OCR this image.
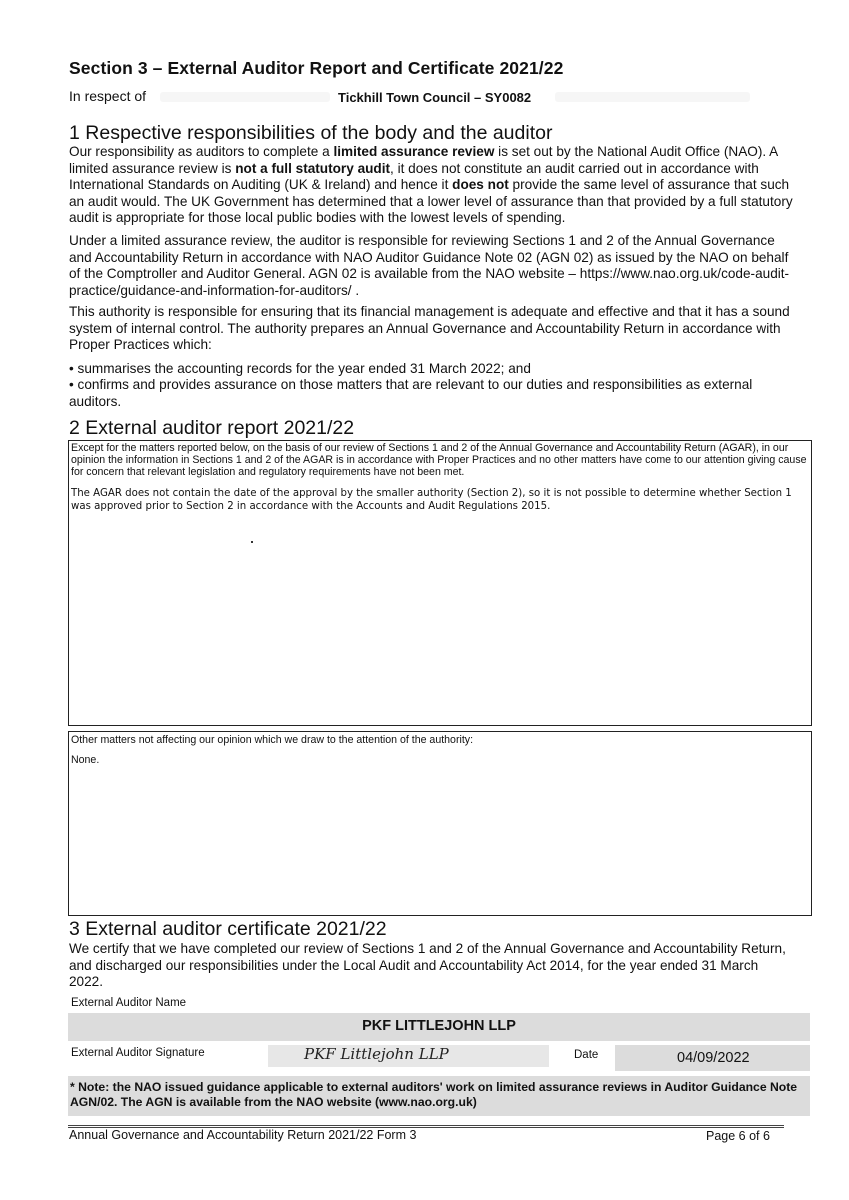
Section 3 – External Auditor Report and Certificate 2021/22
In respect of	Tickhill Town Council – SY0082
1 Respective responsibilities of the body and the auditor
Our responsibility as auditors to complete a limited assurance review is set out by the National Audit Office (NAO). A limited assurance review is not a full statutory audit, it does not constitute an audit carried out in accordance with International Standards on Auditing (UK & Ireland) and hence it does not provide the same level of assurance that such an audit would. The UK Government has determined that a lower level of assurance than that provided by a full statutory audit is appropriate for those local public bodies with the lowest levels of spending.
Under a limited assurance review, the auditor is responsible for reviewing Sections 1 and 2 of the Annual Governance and Accountability Return in accordance with NAO Auditor Guidance Note 02 (AGN 02) as issued by the NAO on behalf of the Comptroller and Auditor General. AGN 02 is available from the NAO website – https://www.nao.org.uk/code-audit-practice/guidance-and-information-for-auditors/ .
This authority is responsible for ensuring that its financial management is adequate and effective and that it has a sound system of internal control. The authority prepares an Annual Governance and Accountability Return in accordance with Proper Practices which:
• summarises the accounting records for the year ended 31 March 2022; and
• confirms and provides assurance on those matters that are relevant to our duties and responsibilities as external auditors.
2 External auditor report 2021/22
Except for the matters reported below, on the basis of our review of Sections 1 and 2 of the Annual Governance and Accountability Return (AGAR), in our opinion the information in Sections 1 and 2 of the AGAR is in accordance with Proper Practices and no other matters have come to our attention giving cause for concern that relevant legislation and regulatory requirements have not been met.
The AGAR does not contain the date of the approval by the smaller authority (Section 2), so it is not possible to determine whether Section 1 was approved prior to Section 2 in accordance with the Accounts and Audit Regulations 2015.
Other matters not affecting our opinion which we draw to the attention of the authority:
None.
3 External auditor certificate 2021/22
We certify that we have completed our review of Sections 1 and 2 of the Annual Governance and Accountability Return, and discharged our responsibilities under the Local Audit and Accountability Act 2014, for the year ended 31 March 2022.
External Auditor Name
PKF LITTLEJOHN LLP
External Auditor Signature	PKF Littlejohn LLP	Date	04/09/2022
* Note: the NAO issued guidance applicable to external auditors' work on limited assurance reviews in Auditor Guidance Note AGN/02. The AGN is available from the NAO website (www.nao.org.uk)
Annual Governance and Accountability Return 2021/22 Form 3	Page 6 of 6
